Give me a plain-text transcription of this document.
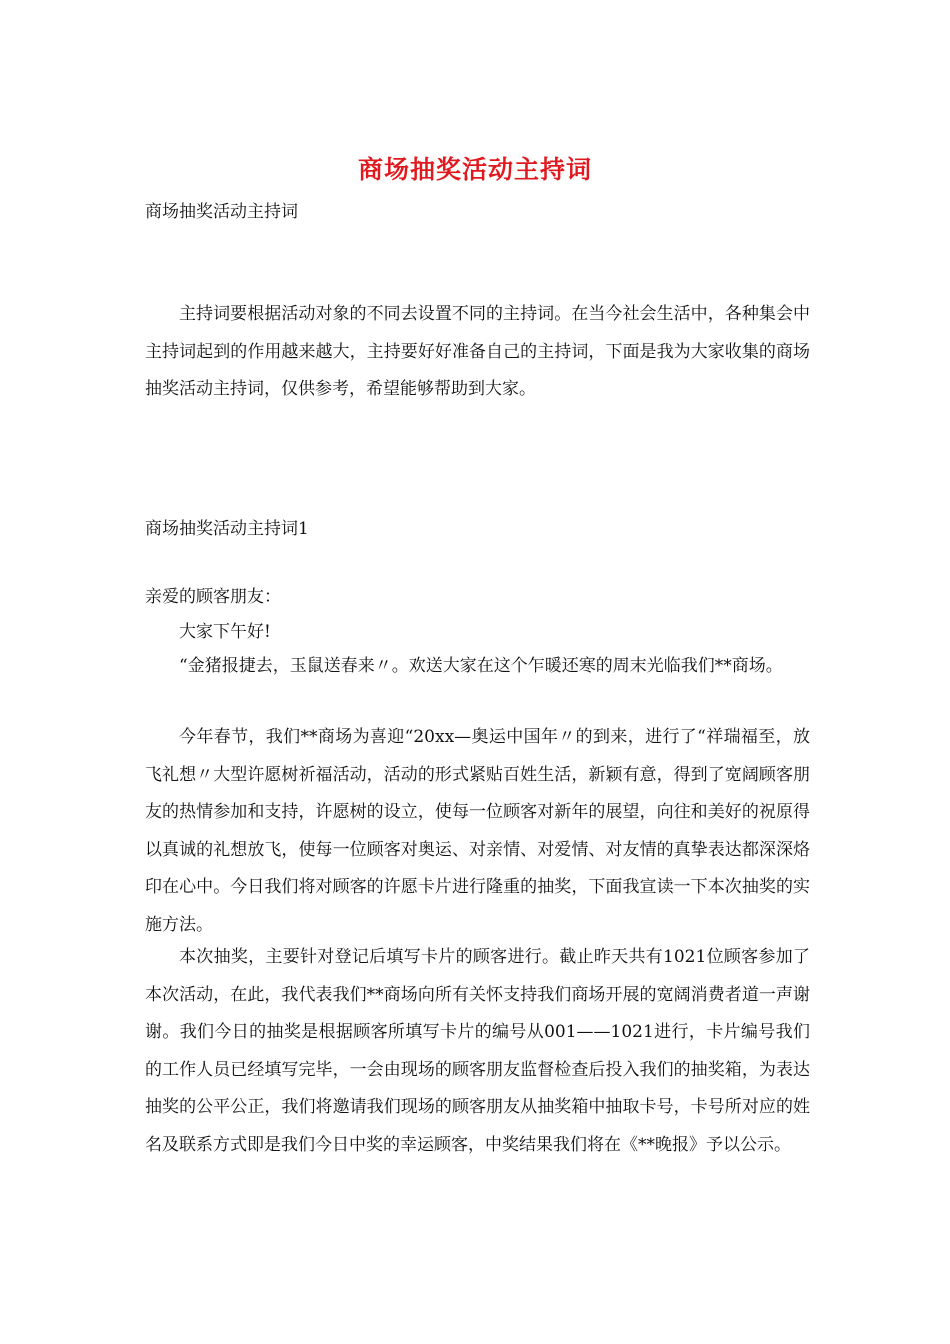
商场抽奖活动主持词
商场抽奖活动主持词
主持词要根据活动对象的不同去设置不同的主持词。在当今社会生活中，各种集会中主持词起到的作用越来越大，主持要好好准备自己的主持词，下面是我为大家收集的商场抽奖活动主持词，仅供参考，希望能够帮助到大家。
商场抽奖活动主持词1
亲爱的顾客朋友：
大家下午好!
“金猪报捷去，玉鼠送春来〃。欢送大家在这个乍暖还寒的周末光临我们**商场。
今年春节，我们**商场为喜迎“20xx—奥运中国年〃的到来，进行了“祥瑞福至，放飞礼想〃大型许愿树祈福活动，活动的形式紧贴百姓生活，新颖有意，得到了宽阔顾客朋友的热情参加和支持，许愿树的设立，使每一位顾客对新年的展望，向往和美好的祝原得以真诚的礼想放飞，使每一位顾客对奥运、对亲情、对爱情、对友情的真挚表达都深深烙印在心中。今日我们将对顾客的许愿卡片进行隆重的抽奖，下面我宣读一下本次抽奖的实施方法。
本次抽奖，主要针对登记后填写卡片的顾客进行。截止昨天共有1021位顾客参加了本次活动，在此，我代表我们**商场向所有关怀支持我们商场开展的宽阔消费者道一声谢谢。我们今日的抽奖是根据顾客所填写卡片的编号从001——1021进行，卡片编号我们的工作人员已经填写完毕，一会由现场的顾客朋友监督检查后投入我们的抽奖箱，为表达抽奖的公平公正，我们将邀请我们现场的顾客朋友从抽奖箱中抽取卡号，卡号所对应的姓名及联系方式即是我们今日中奖的幸运顾客，中奖结果我们将在《**晚报》予以公示。
